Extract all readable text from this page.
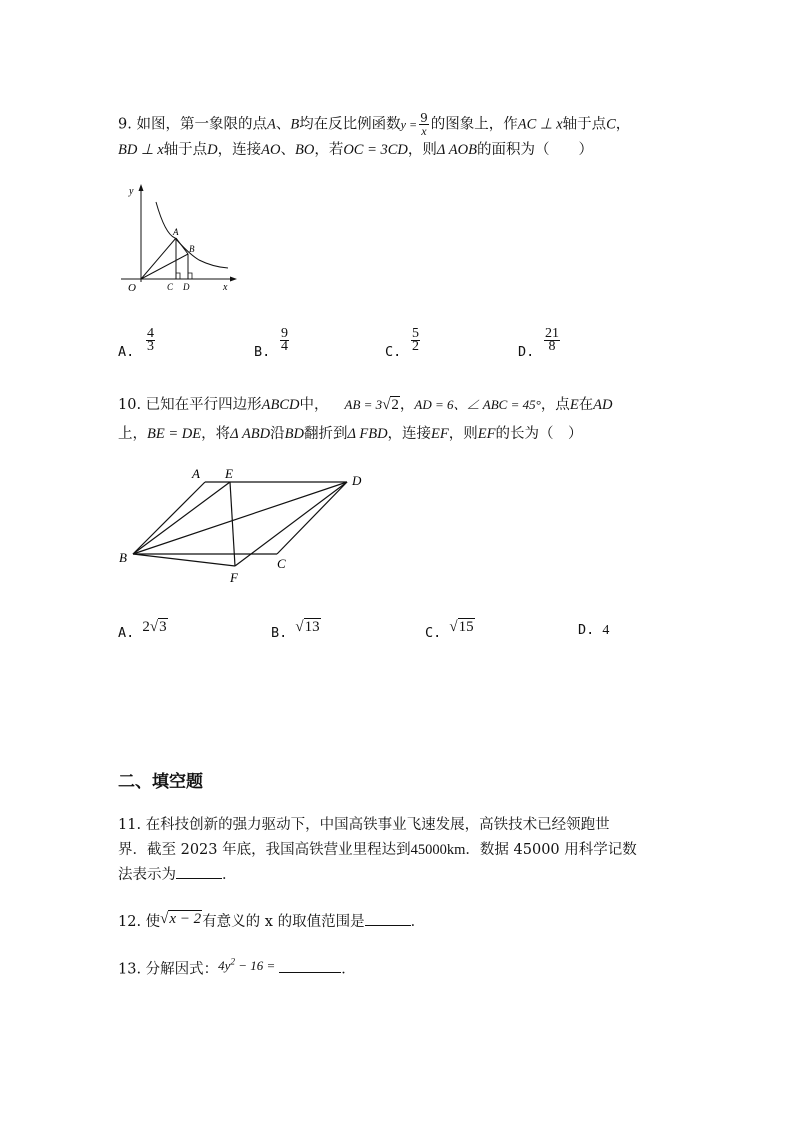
9. 如图，第一象限的点A、B均在反比例函数$y = \frac{9}{x}$ 的图象上，作AC ⊥ x轴于点C，
BD ⊥ x轴于点D，连接AO、BO，若OC = 3CD，则Δ AOB的面积为（　　）
y
x
O
A
B
C D
A. $\frac{4}{3}$	B. $\frac{9}{4}$	C. $\frac{5}{2}$	D. $\frac{21}{8}$
10. 已知在平行四边形ABCD中， AB = 3√2，AD = 6、∠ ABC = 45°，点E在AD
上，BE = DE，将Δ ABD沿BD翻折到Δ FBD，连接EF，则EF的长为（　）
A E	D
B	C
F
A. 2√3	B. √13	C. √15	D. 4
二、填空题
11. 在科技创新的强力驱动下，中国高铁事业飞速发展，高铁技术已经领跑世
界．截至 2023 年底，我国高铁营业里程达到45000km．数据 45000 用科学记数
法表示为	．
12. 使√x − 2有意义的 x 的取值范围是	．
13. 分解因式：$4y^2 - 16$ =	．
